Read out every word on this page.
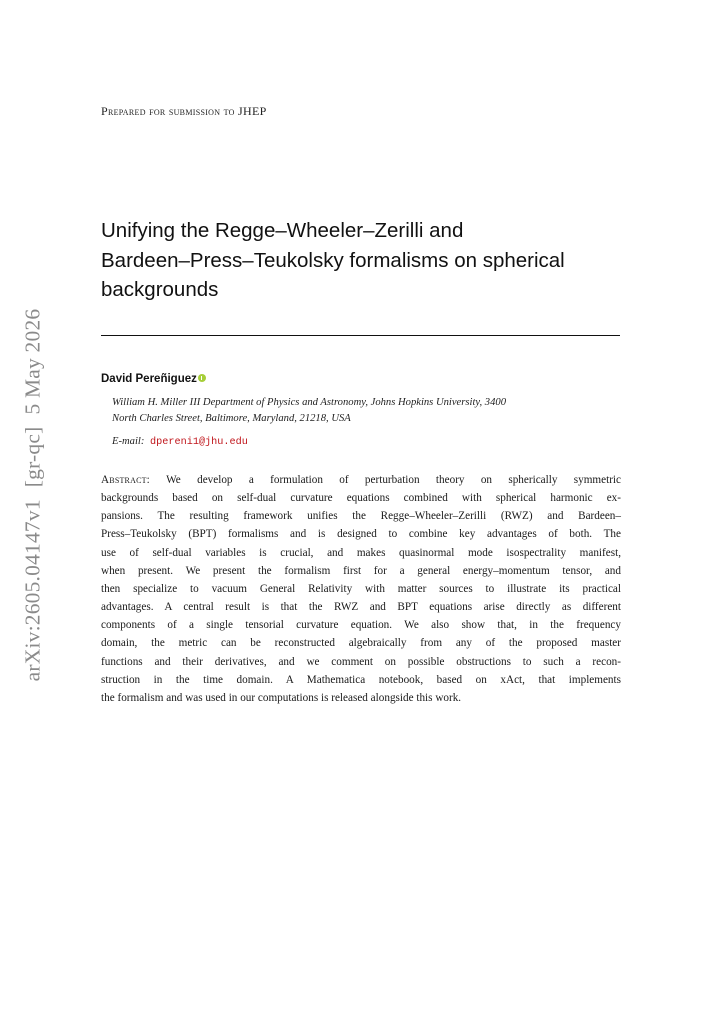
arXiv:2605.04147v1[gr-qc]5 May 2026
Prepared for submission to JHEP
Unifying the Regge–Wheeler–Zerilli and
Bardeen–Press–Teukolsky formalisms on spherical
backgrounds
David Pereñiguez
William H. Miller III Department of Physics and Astronomy, Johns Hopkins University, 3400
North Charles Street, Baltimore, Maryland, 21218, USA
E-mail: dpereni1@jhu.edu
Abstract: We develop a formulation of perturbation theory on spherically symmetric
backgrounds based on self-dual curvature equations combined with spherical harmonic ex-
pansions. The resulting framework unifies the Regge–Wheeler–Zerilli (RWZ) and Bardeen–
Press–Teukolsky (BPT) formalisms and is designed to combine key advantages of both. The
use of self-dual variables is crucial, and makes quasinormal mode isospectrality manifest,
when present. We present the formalism first for a general energy–momentum tensor, and
then specialize to vacuum General Relativity with matter sources to illustrate its practical
advantages. A central result is that the RWZ and BPT equations arise directly as different
components of a single tensorial curvature equation. We also show that, in the frequency
domain, the metric can be reconstructed algebraically from any of the proposed master
functions and their derivatives, and we comment on possible obstructions to such a recon-
struction in the time domain. A Mathematica notebook, based on xAct, that implements
the formalism and was used in our computations is released alongside this work.
